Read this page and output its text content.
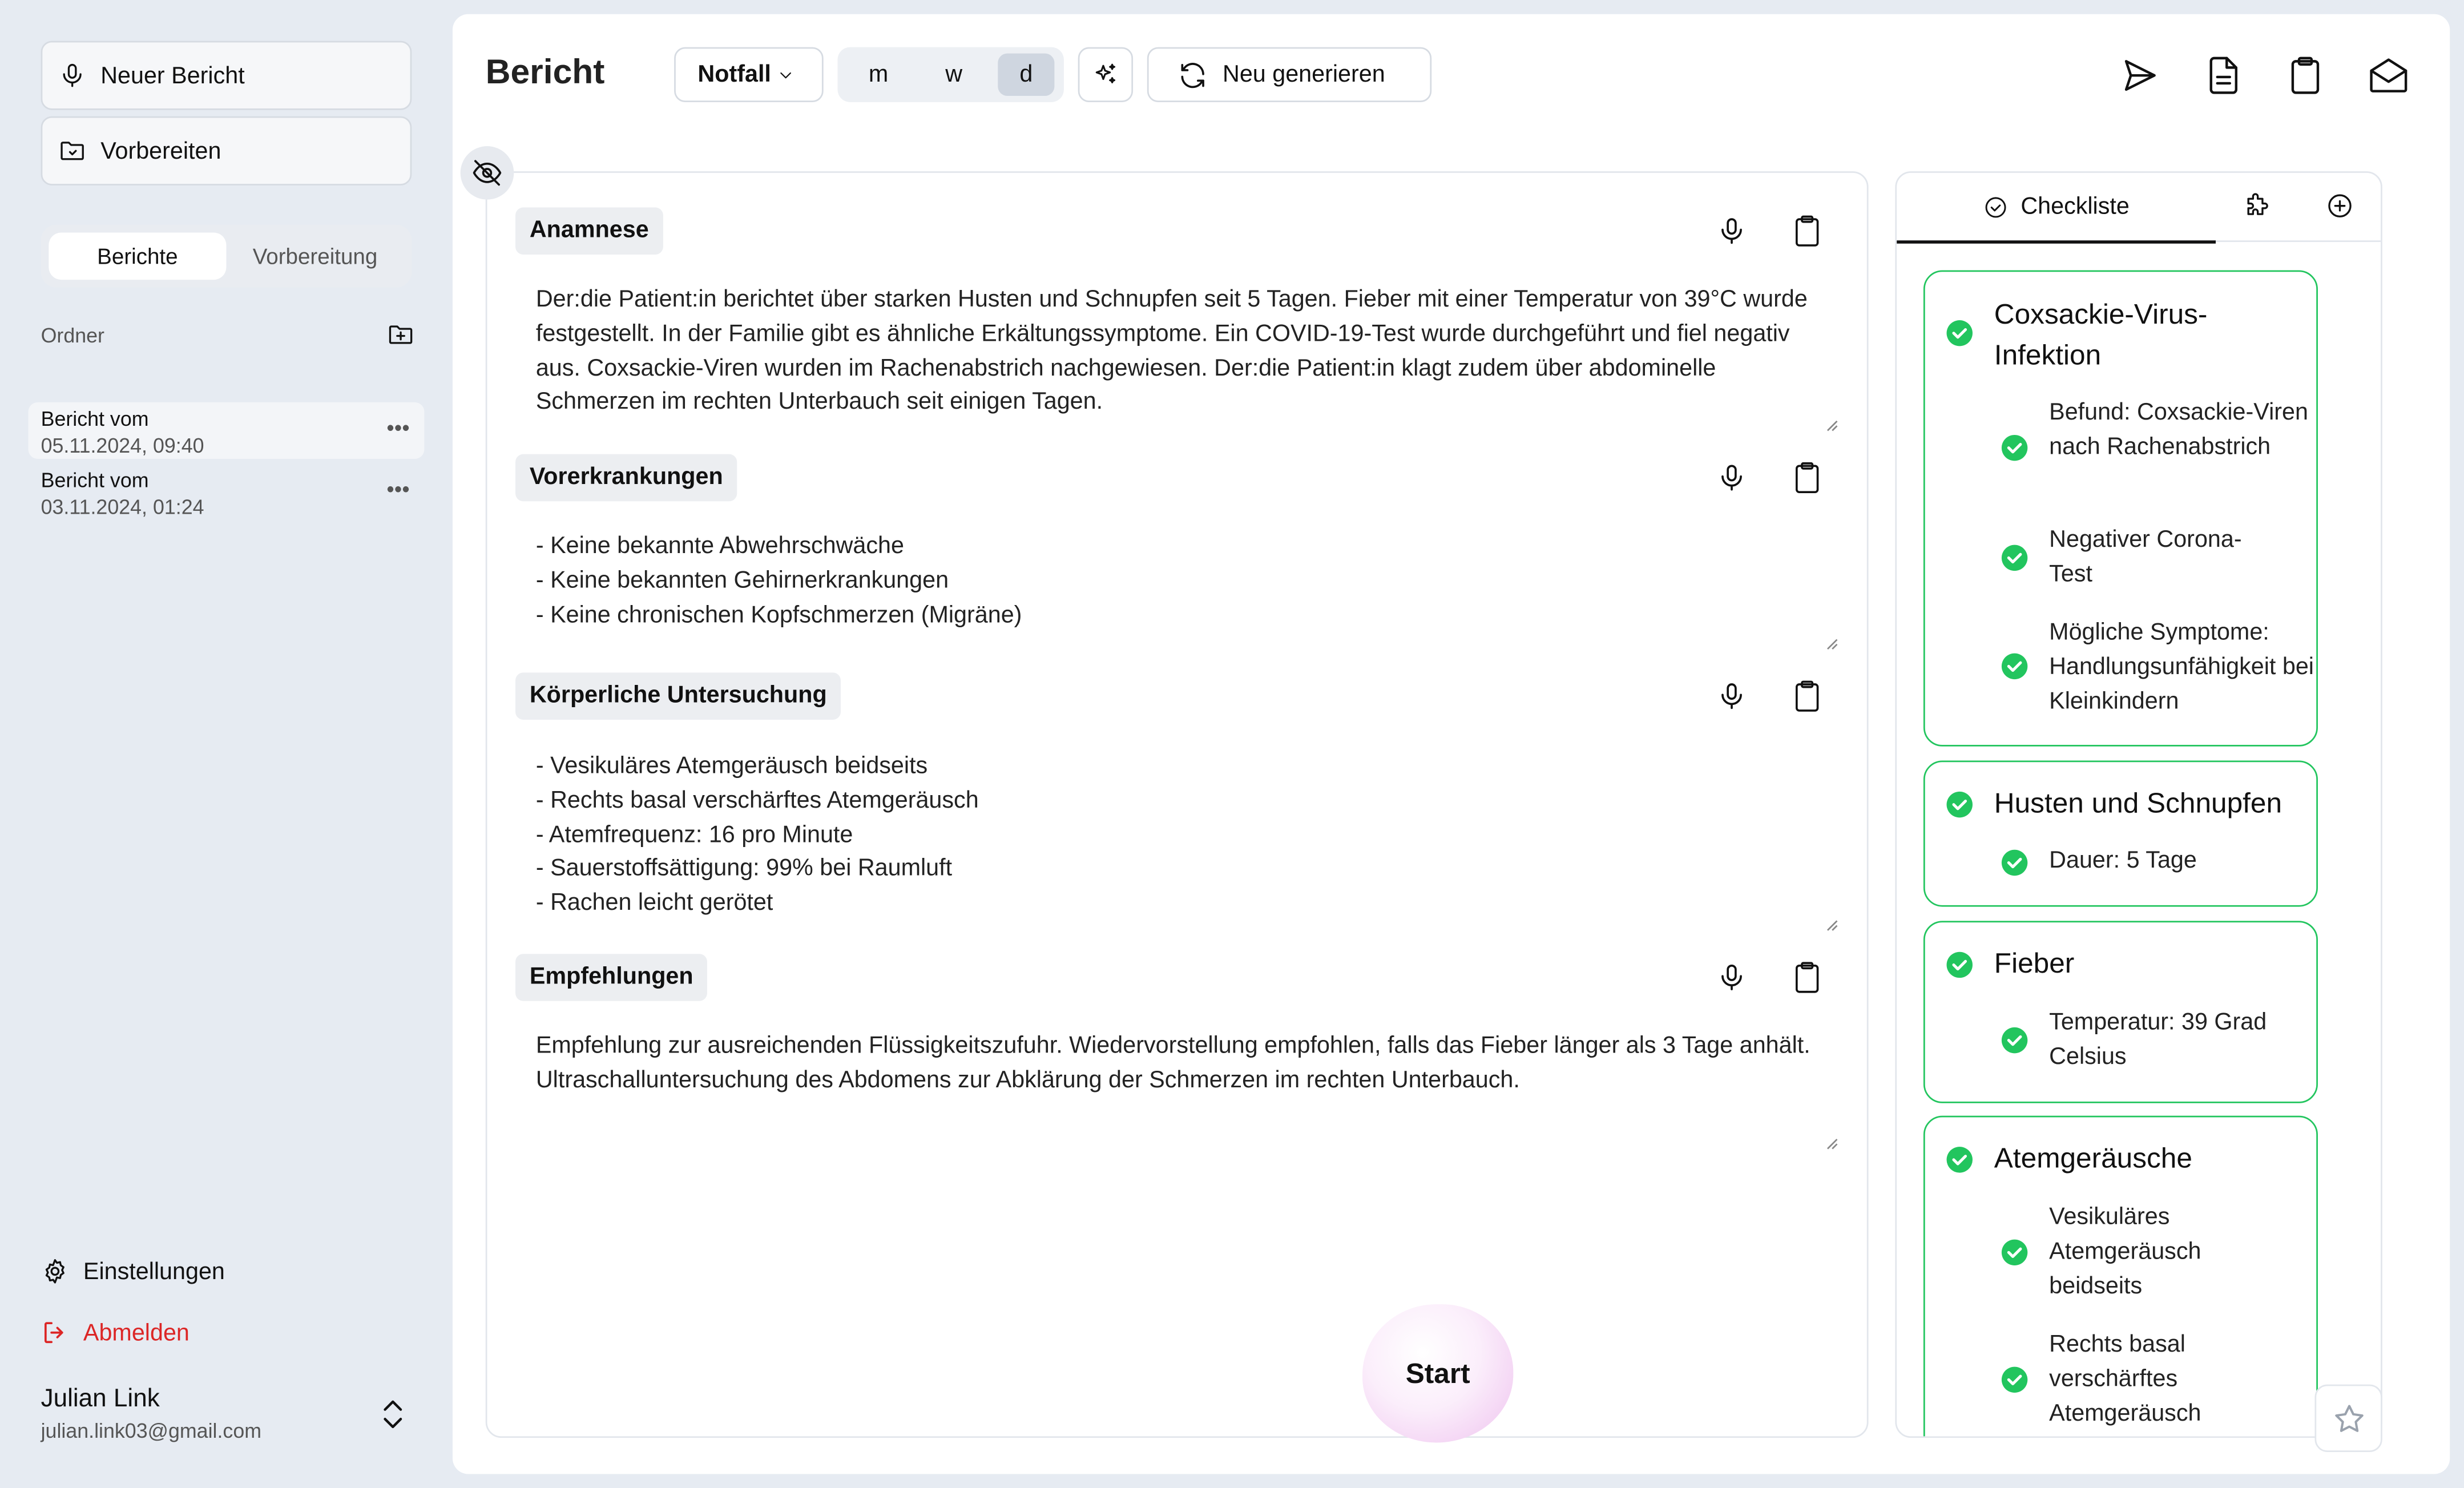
Neuer Bericht
Vorbereiten
Berichte	Vorbereitung
Ordner
Bericht vom
05.11.2024, 09:40
•••
Bericht vom
03.11.2024, 01:24
•••
Einstellungen
Abmelden
Julian Link
julian.link03@gmail.com
Bericht	Notfall	m	w	d	Neu generieren
Anamnese
Der:die Patient:in berichtet über starken Husten und Schnupfen seit 5 Tagen. Fieber mit einer Temperatur von 39°C wurde festgestellt. In der Familie gibt es ähnliche Erkältungssymptome. Ein COVID-19-Test wurde durchgeführt und fiel negativ aus. Coxsackie-Viren wurden im Rachenabstrich nachgewiesen. Der:die Patient:in klagt zudem über abdominelle Schmerzen im rechten Unterbauch seit einigen Tagen.
Vorerkrankungen
- Keine bekannte Abwehrschwäche
- Keine bekannten Gehirnerkrankungen
- Keine chronischen Kopfschmerzen (Migräne)
Körperliche Untersuchung
- Vesikuläres Atemgeräusch beidseits
- Rechts basal verschärftes Atemgeräusch
- Atemfrequenz: 16 pro Minute
- Sauerstoffsättigung: 99% bei Raumluft
- Rachen leicht gerötet
Empfehlungen
Empfehlung zur ausreichenden Flüssigkeitszufuhr. Wiedervorstellung empfohlen, falls das Fieber länger als 3 Tage anhält. Ultraschalluntersuchung des Abdomens zur Abklärung der Schmerzen im rechten Unterbauch.
Start
Checkliste
Coxsackie-Virus-Infektion
Befund: Coxsackie-Viren nach Rachenabstrich
Negativer Corona-Test
Mögliche Symptome: Handlungsunfähigkeit bei Kleinkindern
Husten und Schnupfen
Dauer: 5 Tage
Fieber
Temperatur: 39 Grad Celsius
Atemgeräusche
Vesikuläres Atemgeräusch beidseits
Rechts basal verschärftes Atemgeräusch
